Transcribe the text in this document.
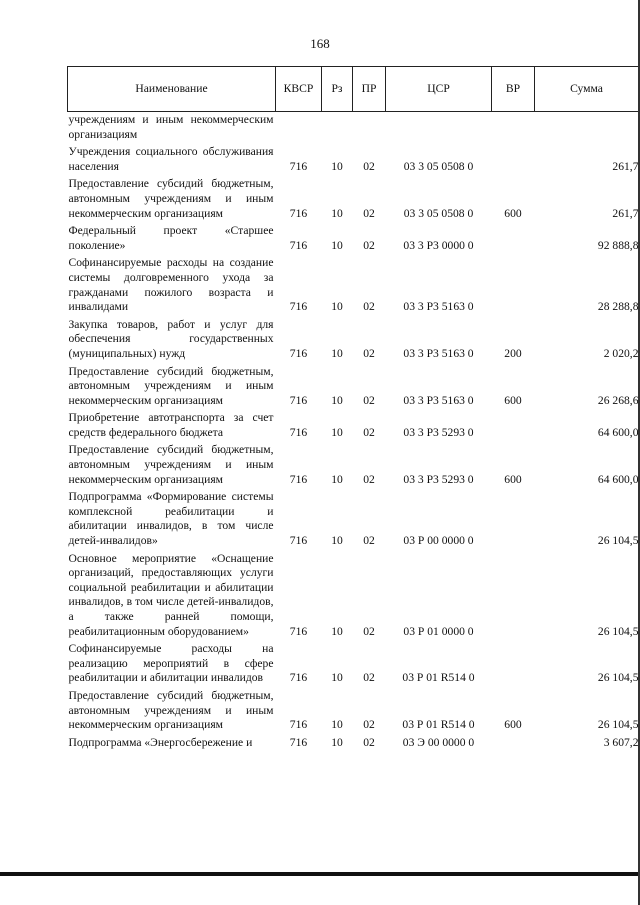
168
Наименование	КВСР	Рз	ПР	ЦСР	ВР	Сумма
учреждениям и иным некоммерческим организациям						
Учреждения социального обслуживания населения	716	10	02	03 3 05 0508 0		261,7
Предоставление субсидий бюджетным, автономным учреждениям и иным некоммерческим организациям	716	10	02	03 3 05 0508 0	600	261,7
Федеральный проект «Старшее поколение»	716	10	02	03 3 P3 0000 0		92 888,8
Софинансируемые расходы на создание системы долговременного ухода за гражданами пожилого возраста и инвалидами	716	10	02	03 3 P3 5163 0		28 288,8
Закупка товаров, работ и услуг для обеспечения государственных (муниципальных) нужд	716	10	02	03 3 P3 5163 0	200	2 020,2
Предоставление субсидий бюджетным, автономным учреждениям и иным некоммерческим организациям	716	10	02	03 3 P3 5163 0	600	26 268,6
Приобретение автотранспорта за счет средств федерального бюджета	716	10	02	03 3 P3 5293 0		64 600,0
Предоставление субсидий бюджетным, автономным учреждениям и иным некоммерческим организациям	716	10	02	03 3 P3 5293 0	600	64 600,0
Подпрограмма «Формирование системы комплексной реабилитации и абилитации инвалидов, в том числе детей-инвалидов»	716	10	02	03 Р 00 0000 0		26 104,5
Основное мероприятие «Оснащение организаций, предоставляющих услуги социальной реабилитации и абилитации инвалидов, в том числе детей-инвалидов, а также ранней помощи, реабилитационным оборудованием»	716	10	02	03 Р 01 0000 0		26 104,5
Софинансируемые расходы на реализацию мероприятий в сфере реабилитации и абилитации инвалидов	716	10	02	03 Р 01 R514 0		26 104,5
Предоставление субсидий бюджетным, автономным учреждениям и иным некоммерческим организациям	716	10	02	03 Р 01 R514 0	600	26 104,5
Подпрограмма «Энергосбережение и	716	10	02	03 Э 00 0000 0		3 607,2
